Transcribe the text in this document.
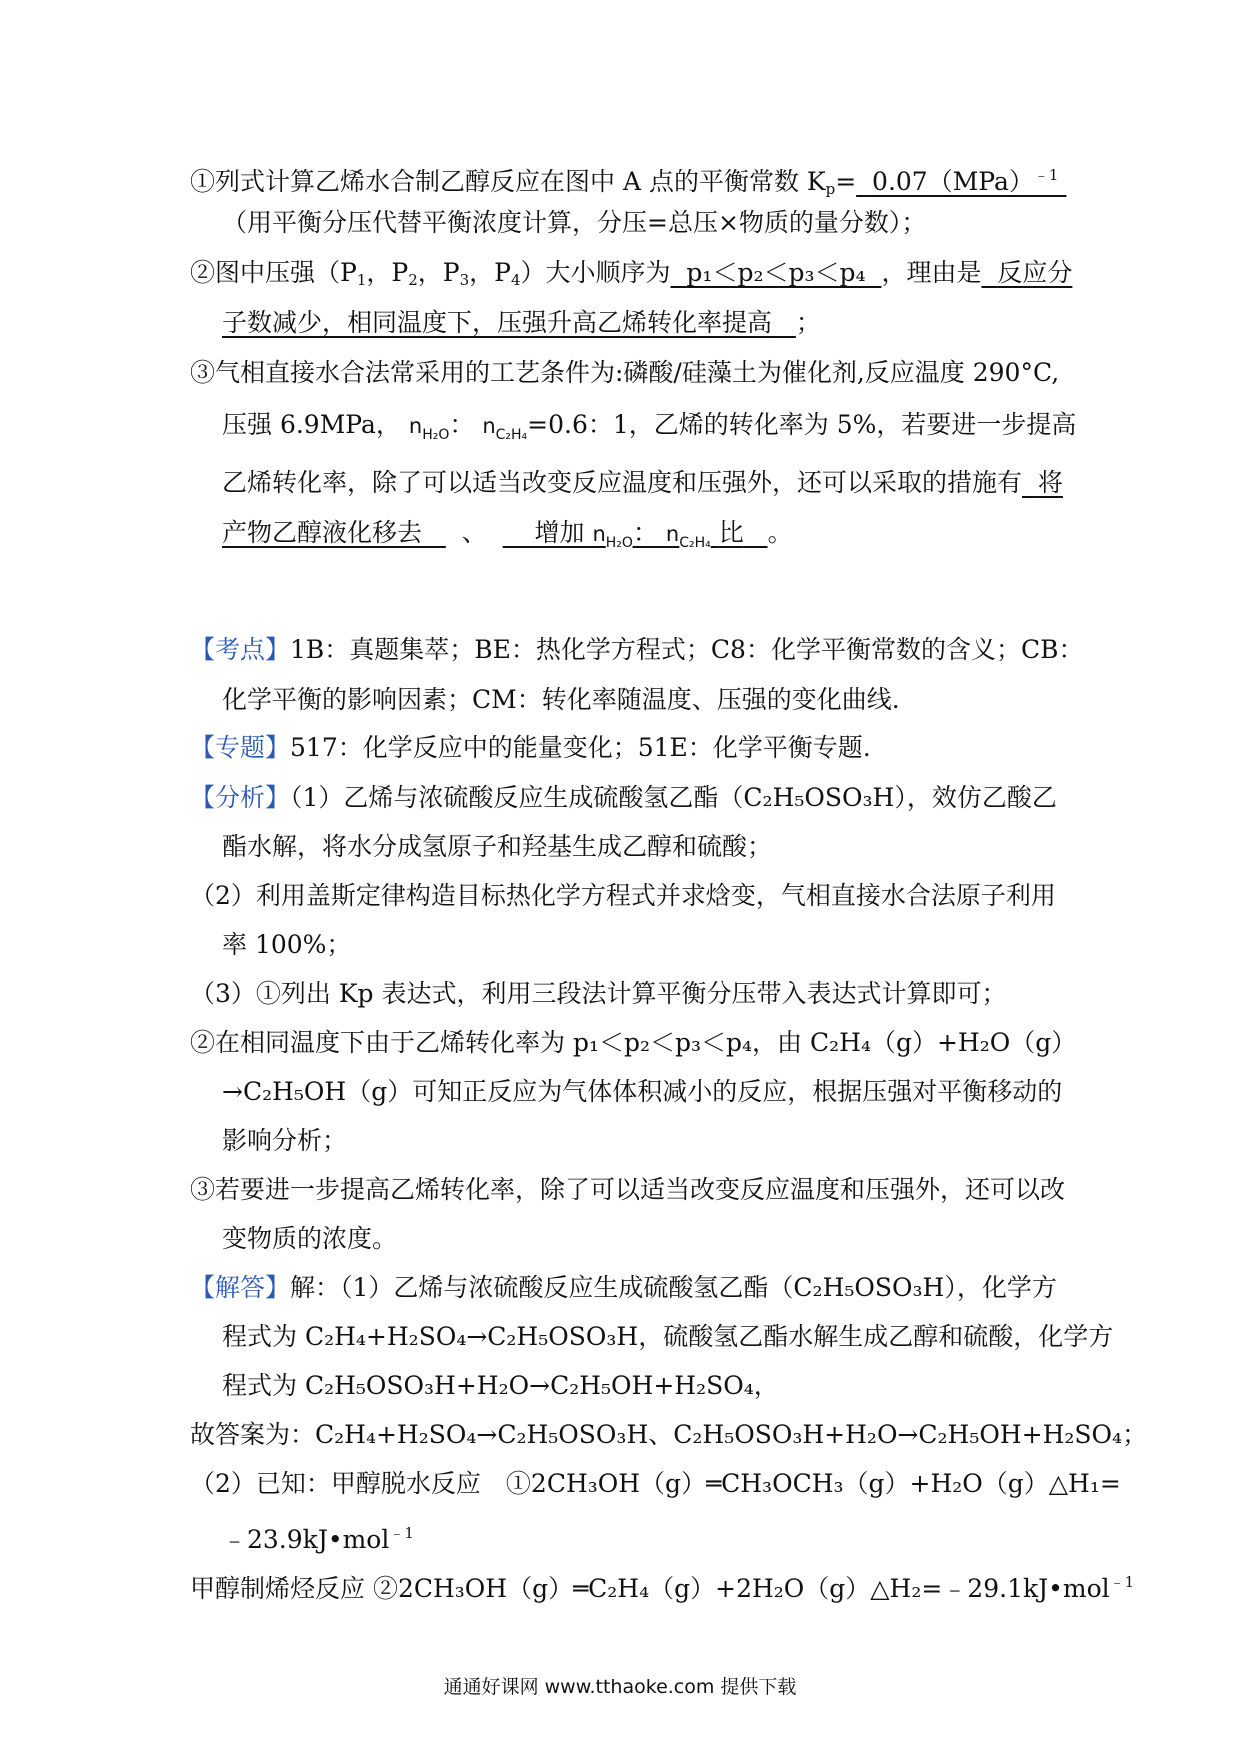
①列式计算乙烯水合制乙醇反应在图中 A 点的平衡常数 $K_p= 0.07(MPa)^{﹣1}$
（用平衡分压代替平衡浓度计算，分压=总压×物质的量分数）；
②图中压强（$P_1$，$P_2$，$P_3$，$P_4$）大小顺序为 p₁＜p₂＜p₃＜p₄ ，理由是 反应分
子数减少，相同温度下，压强升高乙烯转化率提高 ；
③气相直接水合法常采用的工艺条件为:磷酸/硅藻土为催化剂,反应温度 290°C,
压强 6.9MPa， $n_{H_2O}$： $n_{C_2H_4}=0.6$：1，乙烯的转化率为 5%，若要进一步提高
乙烯转化率，除了可以适当改变反应温度和压强外，还可以采取的措施有 将
产物乙醇液化移去 、 增加 $n_{H_2O}$： $n_{C_2H_4}$ 比 。
【考点】1B：真题集萃；BE：热化学方程式；C8：化学平衡常数的含义；CB：
化学平衡的影响因素；CM：转化率随温度、压强的变化曲线.
【专题】517：化学反应中的能量变化；51E：化学平衡专题.
【分析】（1）乙烯与浓硫酸反应生成硫酸氢乙酯（C₂H₅OSO₃H），效仿乙酸乙
酯水解，将水分成氢原子和羟基生成乙醇和硫酸；
（2）利用盖斯定律构造目标热化学方程式并求焓变，气相直接水合法原子利用
率 100%；
（3）①列出 Kp 表达式，利用三段法计算平衡分压带入表达式计算即可；
②在相同温度下由于乙烯转化率为 p₁＜p₂＜p₃＜p₄，由 C₂H₄（g）+H₂O（g）
→C₂H₅OH（g）可知正反应为气体体积减小的反应，根据压强对平衡移动的
影响分析；
③若要进一步提高乙烯转化率，除了可以适当改变反应温度和压强外，还可以改
变物质的浓度。
【解答】解：（1）乙烯与浓硫酸反应生成硫酸氢乙酯（C₂H₅OSO₃H），化学方
程式为 C₂H₄+H₂SO₄→C₂H₅OSO₃H，硫酸氢乙酯水解生成乙醇和硫酸，化学方
程式为 C₂H₅OSO₃H+H₂O→C₂H₅OH+H₂SO₄，
故答案为：C₂H₄+H₂SO₄→C₂H₅OSO₃H、C₂H₅OSO₃H+H₂O→C₂H₅OH+H₂SO₄；
（2）已知：甲醇脱水反应　①2CH₃OH（g）═CH₃OCH₃（g）+H₂O（g）△H₁=
﹣23.9kJ•mol$^{﹣1}$
甲醇制烯烃反应 ②2CH₃OH（g）═C₂H₄（g）+2H₂O（g）△H₂=﹣29.1kJ•mol$^{﹣1}$
通通好课网 www.tthaoke.com 提供下载
